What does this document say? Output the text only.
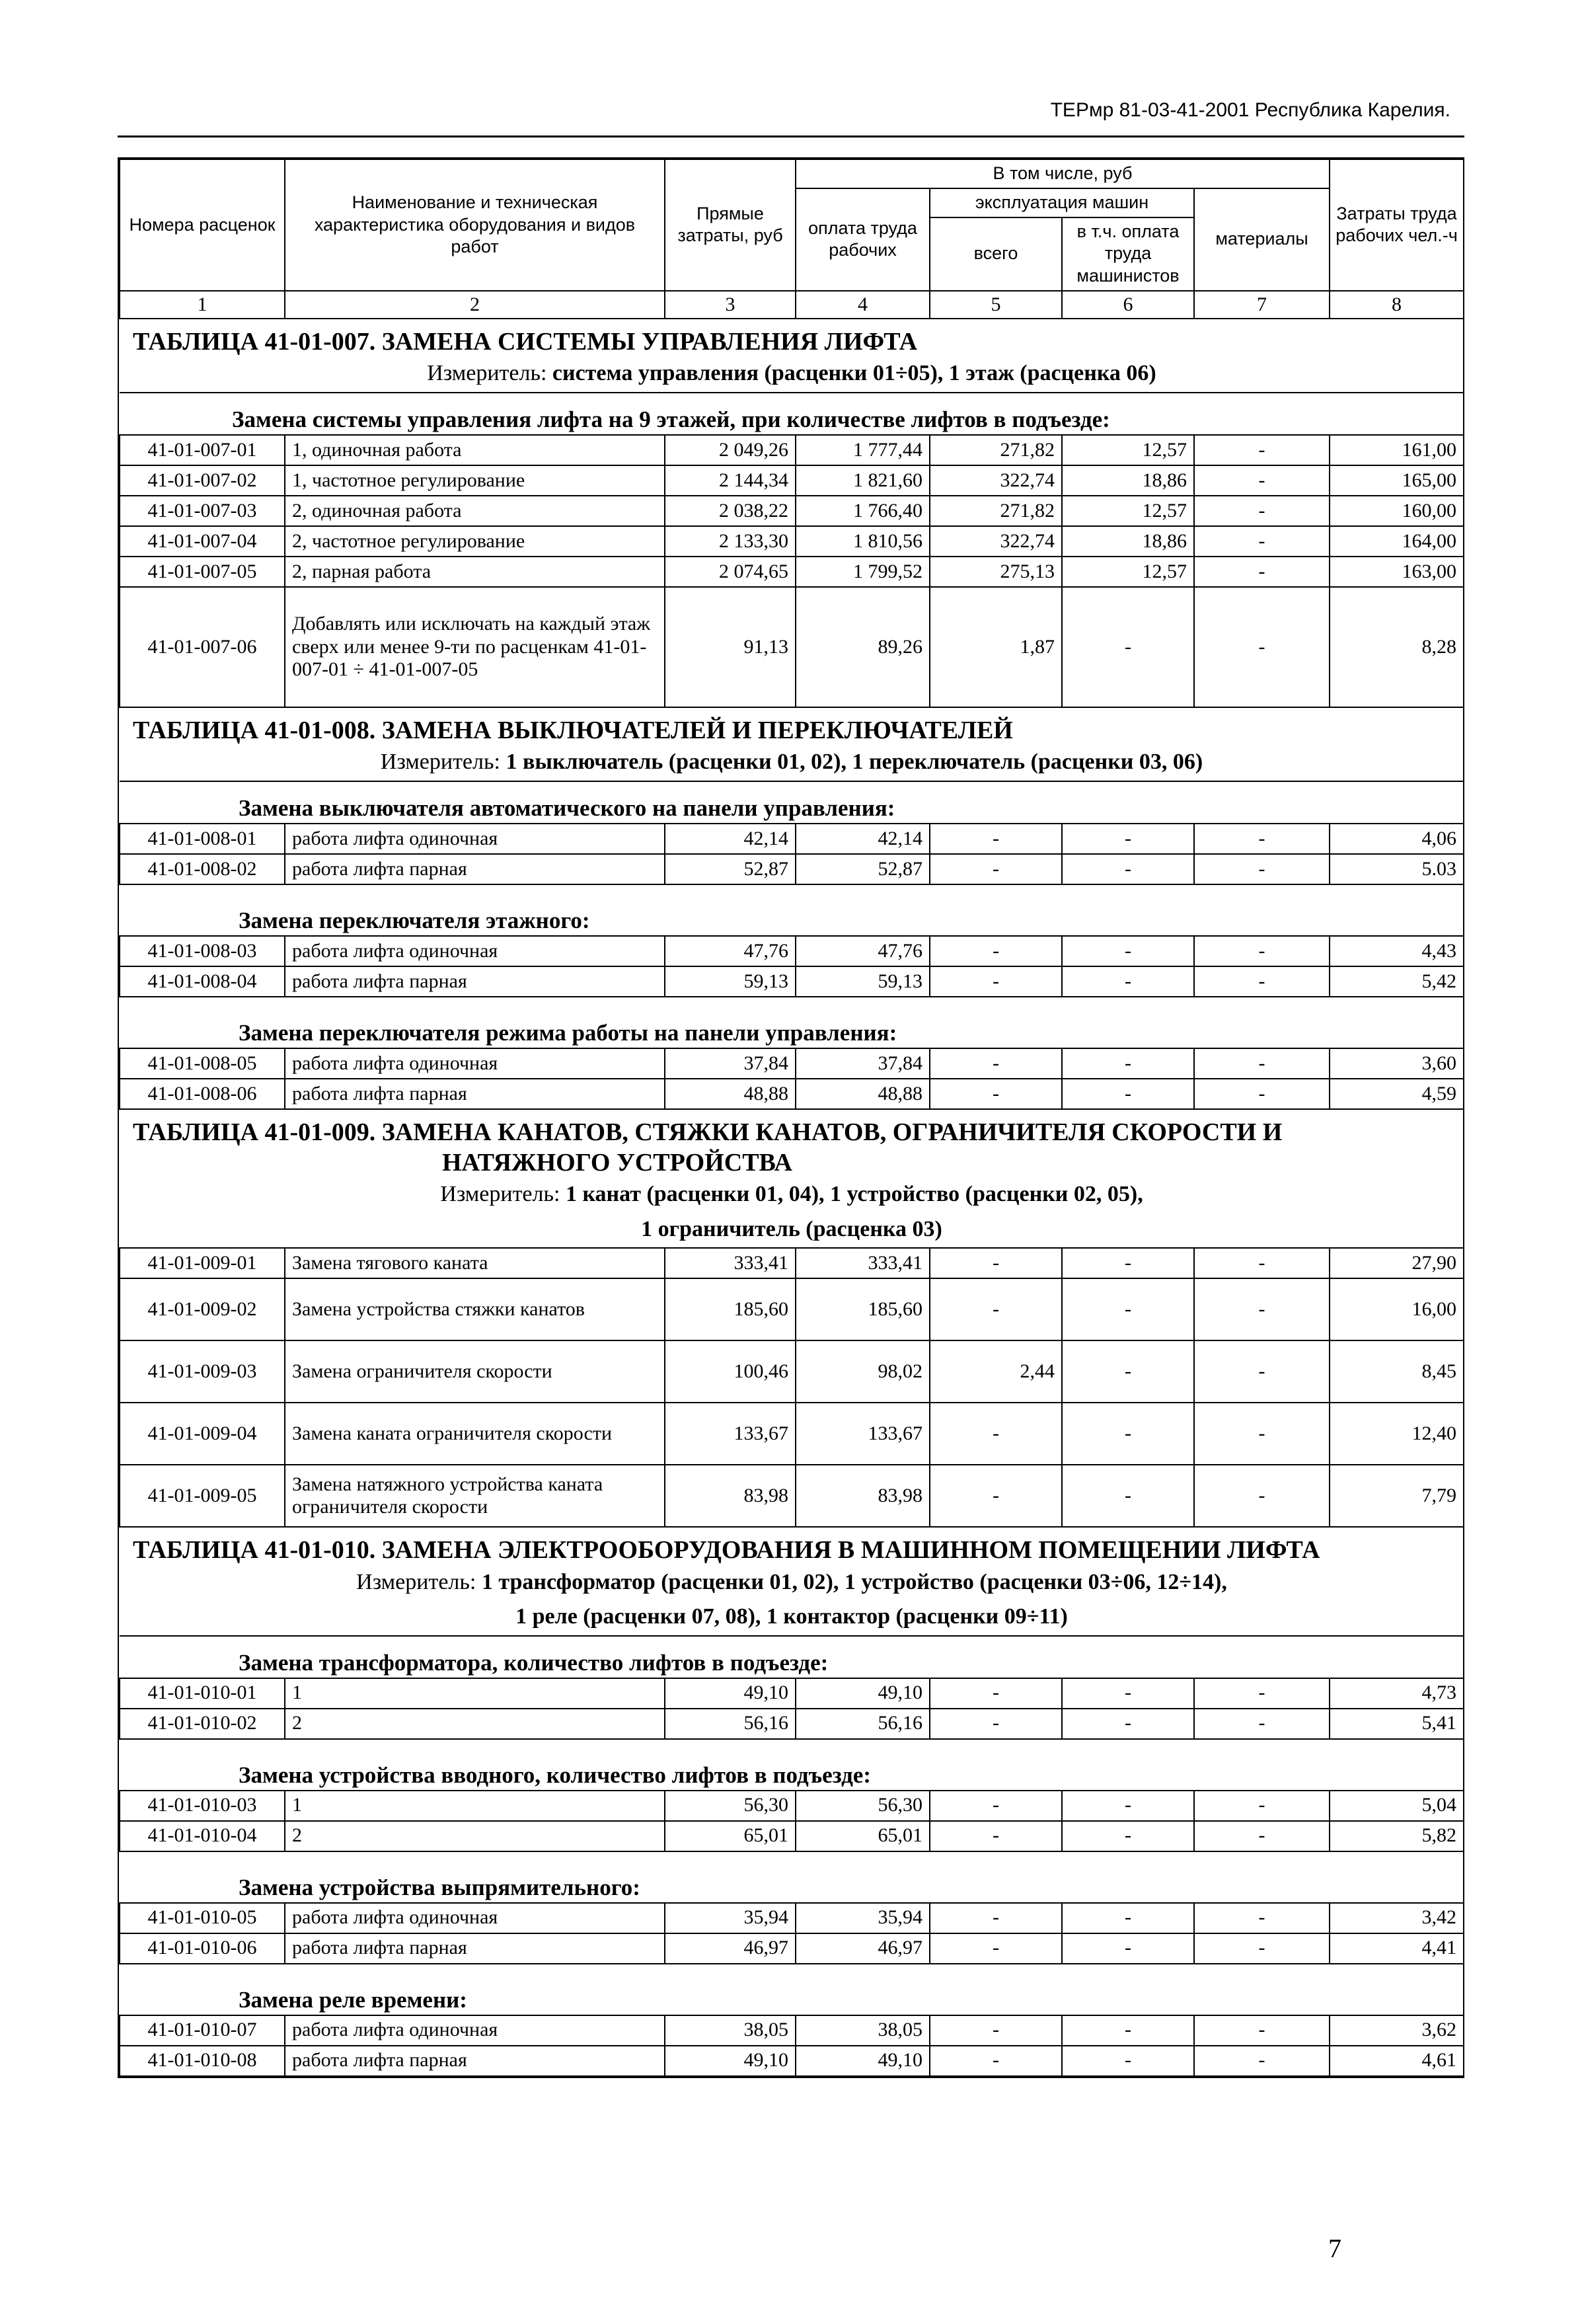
ТЕРмр 81-03-41-2001 Республика Карелия.
Номера расценок	Наименование и техническая характеристика оборудования и видов работ	Прямые затраты, руб	В том числе, руб				Затраты труда рабочих чел.-ч
			оплата труда рабочих	эксплуатация машин		материалы	
				всего	в т.ч. оплата труда машинистов		
1	2	3	4	5	6	7	8

ТАБЛИЦА 41-01-007. ЗАМЕНА СИСТЕМЫ УПРАВЛЕНИЯ ЛИФТА
Измеритель: система управления (расценки 01÷05), 1 этаж (расценка 06)							

Замена системы управления лифта на 9 этажей, при количестве лифтов в подъезде:							

41-01-007-01	1, одиночная работа	2 049,26	1 777,44	271,82	12,57	-	161,00
41-01-007-02	1, частотное регулирование	2 144,34	1 821,60	322,74	18,86	-	165,00
41-01-007-03	2, одиночная работа	2 038,22	1 766,40	271,82	12,57	-	160,00
41-01-007-04	2, частотное регулирование	2 133,30	1 810,56	322,74	18,86	-	164,00
41-01-007-05	2, парная работа	2 074,65	1 799,52	275,13	12,57	-	163,00
41-01-007-06	Добавлять или исключать на каждый этаж сверх или менее 9-ти по расценкам 41-01-007-01 ÷ 41-01-007-05	91,13	89,26	1,87	-	-	8,28

ТАБЛИЦА 41-01-008. ЗАМЕНА ВЫКЛЮЧАТЕЛЕЙ И ПЕРЕКЛЮЧАТЕЛЕЙ
Измеритель: 1 выключатель (расценки 01, 02), 1 переключатель (расценки 03, 06)							

Замена выключателя автоматического на панели управления:							

41-01-008-01	работа лифта одиночная	42,14	42,14	-	-	-	4,06
41-01-008-02	работа лифта парная	52,87	52,87	-	-	-	5.03

Замена переключателя этажного:							

41-01-008-03	работа лифта одиночная	47,76	47,76	-	-	-	4,43
41-01-008-04	работа лифта парная	59,13	59,13	-	-	-	5,42

Замена переключателя режима работы на панели управления:							

41-01-008-05	работа лифта одиночная	37,84	37,84	-	-	-	3,60
41-01-008-06	работа лифта парная	48,88	48,88	-	-	-	4,59

ТАБЛИЦА 41-01-009. ЗАМЕНА КАНАТОВ, СТЯЖКИ КАНАТОВ, ОГРАНИЧИТЕЛЯ СКОРОСТИ И
НАТЯЖНОГО УСТРОЙСТВА
Измеритель: 1 канат (расценки 01, 04), 1 устройство (расценки 02, 05),
1 ограничитель (расценка 03)							

41-01-009-01	Замена тягового каната	333,41	333,41	-	-	-	27,90
41-01-009-02	Замена устройства стяжки канатов	185,60	185,60	-	-	-	16,00
41-01-009-03	Замена ограничителя скорости	100,46	98,02	2,44	-	-	8,45
41-01-009-04	Замена каната ограничителя скорости	133,67	133,67	-	-	-	12,40
41-01-009-05	Замена натяжного устройства каната ограничителя скорости	83,98	83,98	-	-	-	7,79

ТАБЛИЦА 41-01-010. ЗАМЕНА ЭЛЕКТРООБОРУДОВАНИЯ В МАШИННОМ ПОМЕЩЕНИИ ЛИФТА
Измеритель: 1 трансформатор (расценки 01, 02), 1 устройство (расценки 03÷06, 12÷14),
1 реле (расценки 07, 08), 1 контактор (расценки 09÷11)							

Замена трансформатора, количество лифтов в подъезде:							

41-01-010-01	1	49,10	49,10	-	-	-	4,73
41-01-010-02	2	56,16	56,16	-	-	-	5,41

Замена устройства вводного, количество лифтов в подъезде:							

41-01-010-03	1	56,30	56,30	-	-	-	5,04
41-01-010-04	2	65,01	65,01	-	-	-	5,82

Замена устройства выпрямительного:							

41-01-010-05	работа лифта одиночная	35,94	35,94	-	-	-	3,42
41-01-010-06	работа лифта парная	46,97	46,97	-	-	-	4,41

Замена реле времени:							

41-01-010-07	работа лифта одиночная	38,05	38,05	-	-	-	3,62
41-01-010-08	работа лифта парная	49,10	49,10	-	-	-	4,61
7
